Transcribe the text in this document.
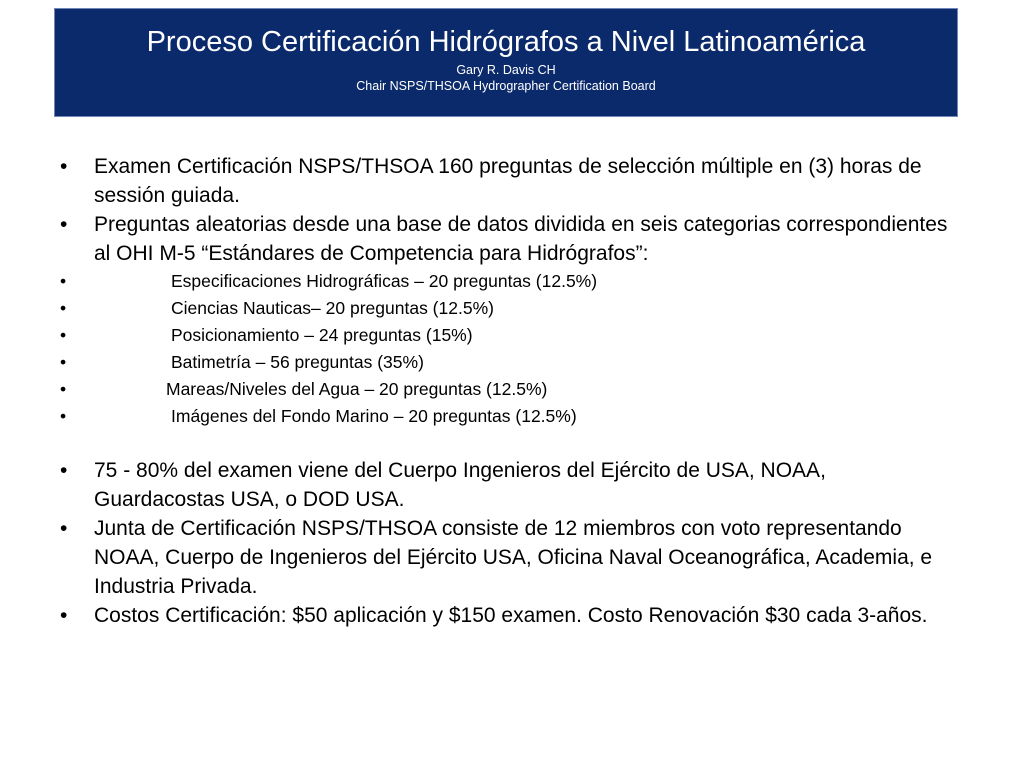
Proceso Certificación Hidrógrafos a Nivel Latinoamérica
Gary R. Davis CH
Chair NSPS/THSOA Hydrographer Certification Board
•	Examen Certificación NSPS/THSOA 160 preguntas de selección múltiple en (3) horas de sessión guiada.
•	Preguntas aleatorias desde una base de datos dividida en seis categorias correspondientes al OHI M-5 “Estándares de Competencia para Hidrógrafos”:
•	Especificaciones Hidrográficas – 20 preguntas (12.5%)
•	Ciencias Nauticas– 20 preguntas (12.5%)
•	Posicionamiento – 24 preguntas (15%)
•	Batimetría – 56 preguntas (35%)
•	Mareas/Niveles del Agua – 20 preguntas (12.5%)
•	Imágenes del Fondo Marino – 20 preguntas (12.5%)
•	75 - 80% del examen viene del Cuerpo Ingenieros del Ejército de USA, NOAA, Guardacostas USA, o DOD USA.
•	Junta de Certificación NSPS/THSOA consiste de 12 miembros con voto representando NOAA, Cuerpo de Ingenieros del Ejército USA, Oficina Naval Oceanográfica, Academia, e Industria Privada.
•	Costos Certificación: $50 aplicación y $150 examen. Costo Renovación $30 cada 3-años.
